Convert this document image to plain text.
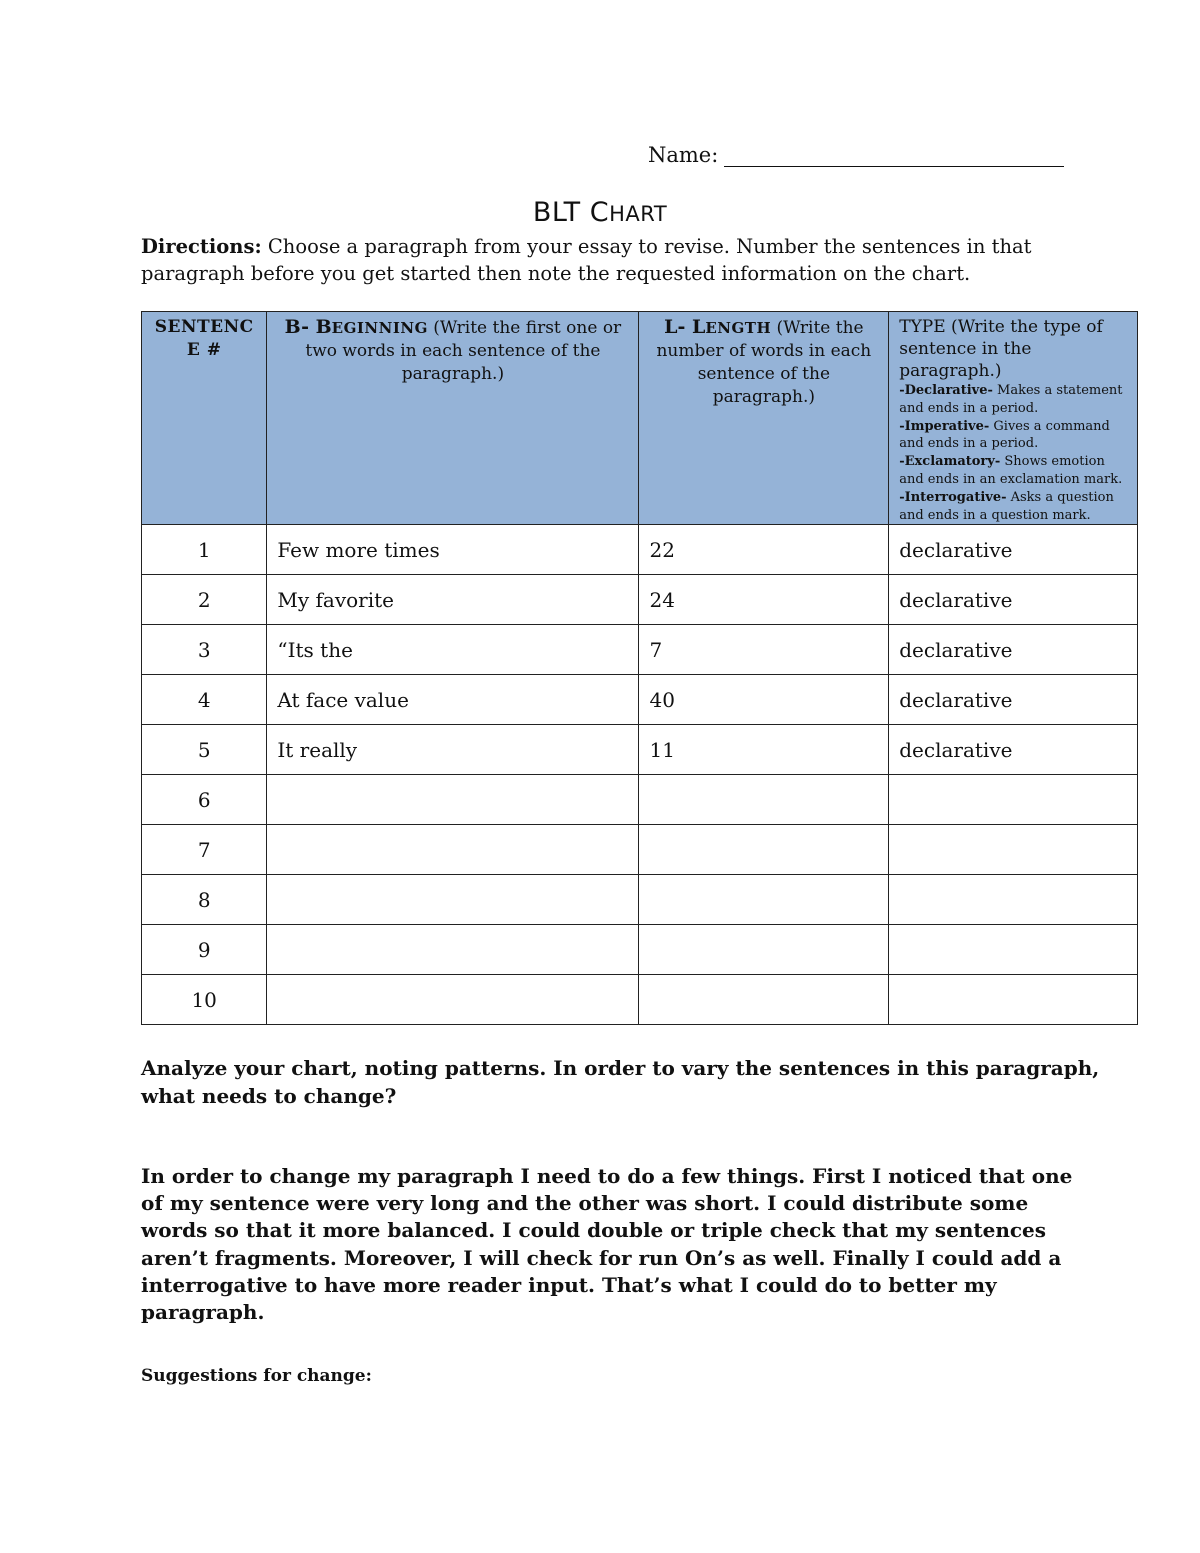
Name:
BLT CHART
Directions: Choose a paragraph from your essay to revise. Number the sentences in that paragraph before you get started then note the requested information on the chart.
SENTENC
E #	B- BEGINNING (Write the first one or two words in each sentence of the paragraph.)	L- LENGTH (Write the number of words in each sentence of the paragraph.)	TYPE (Write the type of sentence in the paragraph.)
-Declarative- Makes a statement and ends in a period.
-Imperative- Gives a command and ends in a period.
-Exclamatory- Shows emotion and ends in an exclamation mark.
-Interrogative- Asks a question and ends in a question mark.

1	Few more times	22	declarative
2	My favorite	24	declarative
3	“Its the	7	declarative
4	At face value	40	declarative
5	It really	11	declarative
6			
7			
8			
9			
10			
Analyze your chart, noting patterns. In order to vary the sentences in this paragraph, what needs to change?
In order to change my paragraph I need to do a few things. First I noticed that one of my sentence were very long and the other was short. I could distribute some words so that it more balanced. I could double or triple check that my sentences aren’t fragments. Moreover, I will check for run On’s as well. Finally I could add a interrogative to have more reader input. That’s what I could do to better my paragraph.
Suggestions for change:
